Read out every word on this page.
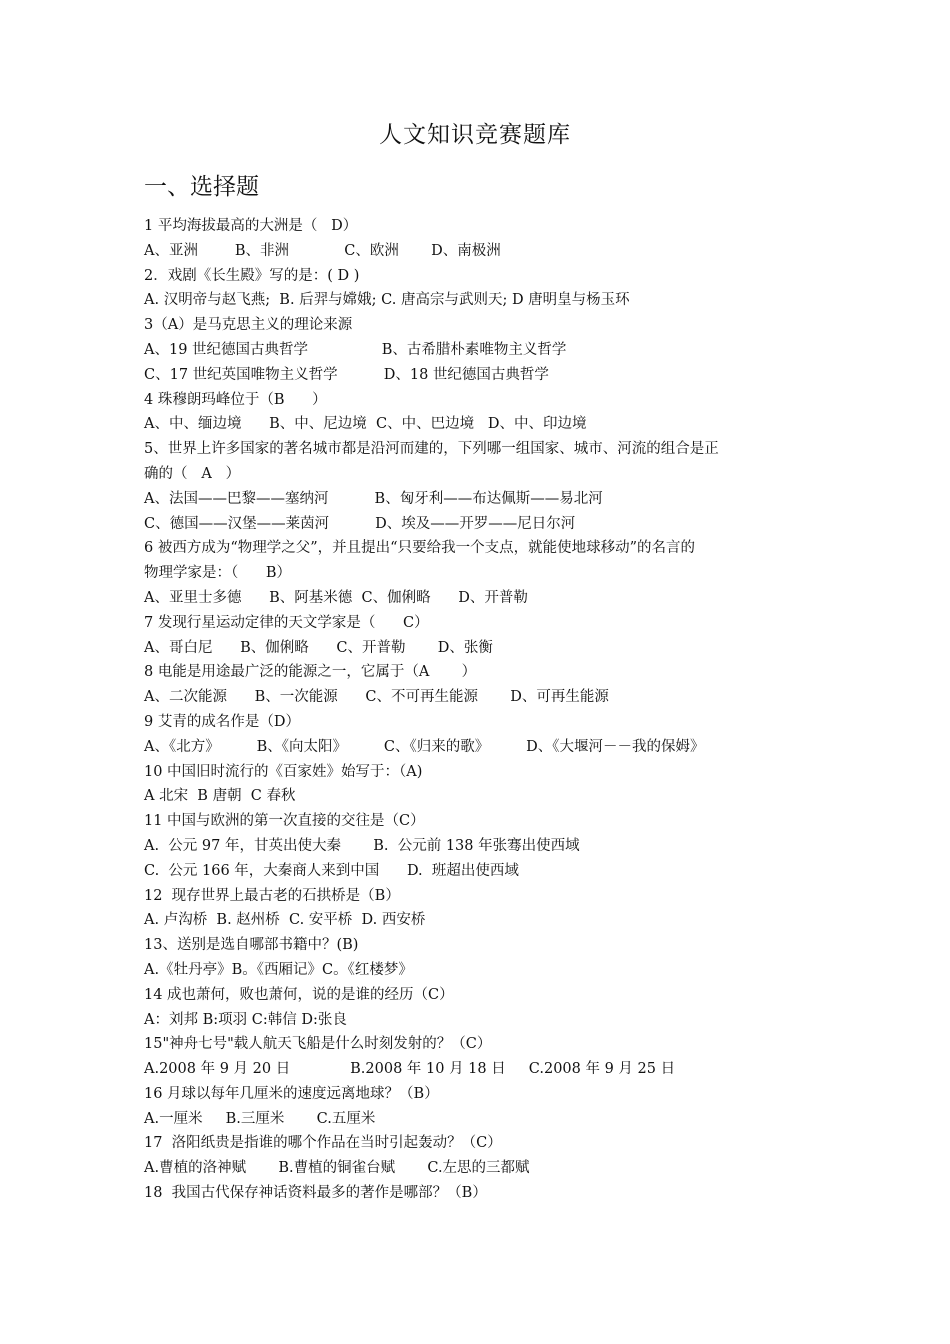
人文知识竞赛题库
一、选择题
1 平均海拔最高的大洲是（   D）
A、亚洲        B、非洲            C、欧洲       D、南极洲
2．戏剧《长生殿》写的是：( D )
A. 汉明帝与赵飞燕;  B. 后羿与嫦娥; C. 唐高宗与武则天; D 唐明皇与杨玉环
3（A）是马克思主义的理论来源
A、19 世纪德国古典哲学                B、古希腊朴素唯物主义哲学
C、17 世纪英国唯物主义哲学          D、18 世纪德国古典哲学
4 珠穆朗玛峰位于（B      ）
A、中、缅边境      B、中、尼边境  C、中、巴边境   D、中、印边境
5、世界上许多国家的著名城市都是沿河而建的，下列哪一组国家、城市、河流的组合是正
确的（   A   ）
A、法国——巴黎——塞纳河          B、匈牙利——布达佩斯——易北河
C、德国——汉堡——莱茵河          D、埃及——开罗——尼日尔河
6 被西方成为“物理学之父”，并且提出“只要给我一个支点，就能使地球移动”的名言的
物理学家是：（      B）
A、亚里士多德      B、阿基米德  C、伽俐略      D、开普勒
7 发现行星运动定律的天文学家是（      C）
A、哥白尼      B、伽俐略      C、开普勒       D、张衡
8 电能是用途最广泛的能源之一，它属于（A       ）
A、二次能源      B、一次能源      C、不可再生能源       D、可再生能源
9 艾青的成名作是（D）
A、《北方》        B、《向太阳》        C、《归来的歌》        D、《大堰河－－我的保姆》
10 中国旧时流行的《百家姓》始写于：（A)
A 北宋  B 唐朝  C 春秋
11 中国与欧洲的第一次直接的交往是（C）
A.  公元 97 年，甘英出使大秦       B.  公元前 138 年张骞出使西域
C.  公元 166 年，大秦商人来到中国      D.  班超出使西域
12  现存世界上最古老的石拱桥是（B）
A. 卢沟桥  B. 赵州桥  C. 安平桥  D. 西安桥
13、送别是选自哪部书籍中？(B)
A.《牡丹亭》B。《西厢记》C。《红楼梦》
14 成也萧何，败也萧何，说的是谁的经历（C）
A：刘邦 B:项羽 C:韩信 D:张良
15"神舟七号"载人航天飞船是什么时刻发射的？（C）
A.2008 年 9 月 20 日             B.2008 年 10 月 18 日     C.2008 年 9 月 25 日
16 月球以每年几厘米的速度远离地球？（B）
A.一厘米     B.三厘米       C.五厘米
17  洛阳纸贵是指谁的哪个作品在当时引起轰动？（C）
A.曹植的洛神赋       B.曹植的铜雀台赋       C.左思的三都赋
18  我国古代保存神话资料最多的著作是哪部？（B）
